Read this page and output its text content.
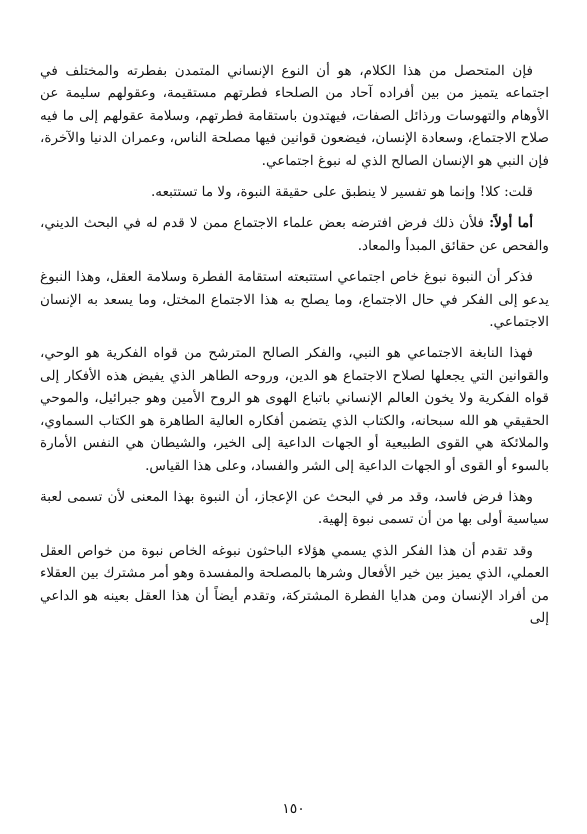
فإن المتحصل من هذا الكلام، هو أن النوع الإنساني المتمدن بفطرته والمختلف في اجتماعه يتميز من بين أفراده آحاد من الصلحاء فطرتهم مستقيمة، وعقولهم سليمة عن الأوهام والتهوسات ورذائل الصفات، فيهتدون باستقامة فطرتهم، وسلامة عقولهم إلى ما فيه صلاح الاجتماع، وسعادة الإنسان، فيضعون قوانين فيها مصلحة الناس، وعمران الدنيا والآخرة، فإن النبي هو الإنسان الصالح الذي له نبوغ اجتماعي.

قلت: كلا! وإنما هو تفسير لا ينطبق على حقيقة النبوة، ولا ما تستتبعه.

أما أولاً: فلأن ذلك فرض افترضه بعض علماء الاجتماع ممن لا قدم له في البحث الديني، والفحص عن حقائق المبدأ والمعاد.

فذكر أن النبوة نبوغ خاص اجتماعي استتبعته استقامة الفطرة وسلامة العقل، وهذا النبوغ يدعو إلى الفكر في حال الاجتماع، وما يصلح به هذا الاجتماع المختل، وما يسعد به الإنسان الاجتماعي.

فهذا النابغة الاجتماعي هو النبي، والفكر الصالح المترشح من قواه الفكرية هو الوحي، والقوانين التي يجعلها لصلاح الاجتماع هو الدين، وروحه الطاهر الذي يفيض هذه الأفكار إلى قواه الفكرية ولا يخون العالم الإنساني باتباع الهوى هو الروح الأمين وهو جبرائيل، والموحي الحقيقي هو الله سبحانه، والكتاب الذي يتضمن أفكاره العالية الطاهرة هو الكتاب السماوي، والملائكة هي القوى الطبيعية أو الجهات الداعية إلى الخير، والشيطان هي النفس الأمارة بالسوء أو القوى أو الجهات الداعية إلى الشر والفساد، وعلى هذا القياس.

وهذا فرض فاسد، وقد مر في البحث عن الإعجاز، أن النبوة بهذا المعنى لأن تسمى لعبة سياسية أولى بها من أن تسمى نبوة إلهية.

وقد تقدم أن هذا الفكر الذي يسمي هؤلاء الباحثون نبوغه الخاص نبوة من خواص العقل العملي، الذي يميز بين خير الأفعال وشرها بالمصلحة والمفسدة وهو أمر مشترك بين العقلاء من أفراد الإنسان ومن هدايا الفطرة المشتركة، وتقدم أيضاً أن هذا العقل بعينه هو الداعي إلى

١٥٠
